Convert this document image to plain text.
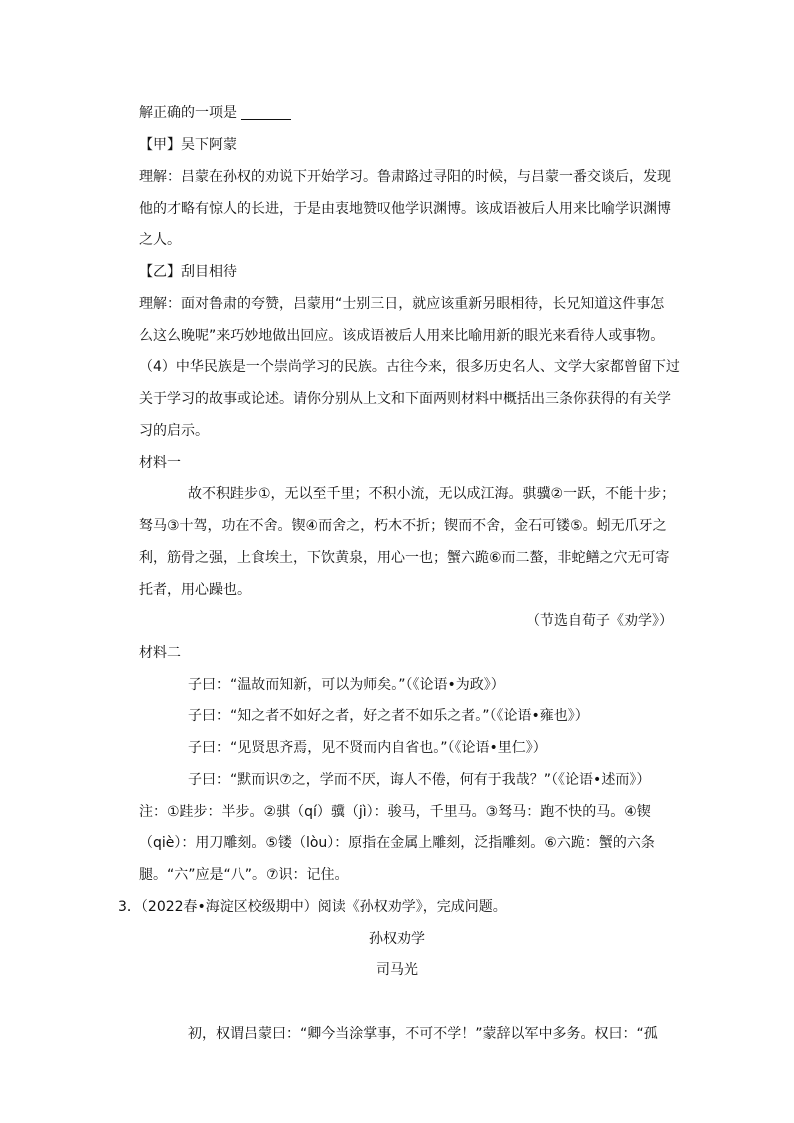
解正确的一项是
【甲】吴下阿蒙
理解：吕蒙在孙权的劝说下开始学习。鲁肃路过寻阳的时候，与吕蒙一番交谈后，发现
他的才略有惊人的长进，于是由衷地赞叹他学识渊博。该成语被后人用来比喻学识渊博
之人。
【乙】刮目相待
理解：面对鲁肃的夸赞，吕蒙用“士别三日，就应该重新另眼相待，长兄知道这件事怎
么这么晚呢”来巧妙地做出回应。该成语被后人用来比喻用新的眼光来看待人或事物。
（4）中华民族是一个崇尚学习的民族。古往今来，很多历史名人、文学大家都曾留下过
关于学习的故事或论述。请你分别从上文和下面两则材料中概括出三条你获得的有关学
习的启示。
材料一
故不积跬步①，无以至千里；不积小流，无以成江海。骐骥②一跃，不能十步；
驽马③十驾，功在不舍。锲④而舍之，朽木不折；锲而不舍，金石可镂⑤。蚓无爪牙之
利，筋骨之强，上食埃土，下饮黄泉，用心一也；蟹六跪⑥而二螯，非蛇鳝之穴无可寄
托者，用心躁也。
（节选自荀子《劝学》）
材料二
子曰：“温故而知新，可以为师矣。”（《论语•为政》）
子曰：“知之者不如好之者，好之者不如乐之者。”（《论语•雍也》）
子曰：“见贤思齐焉，见不贤而内自省也。”（《论语•里仁》）
子曰：“默而识⑦之，学而不厌，诲人不倦，何有于我哉？”（《论语•述而》）
注：①跬步：半步。②骐（qí）骥（jì）：骏马，千里马。③驽马：跑不快的马。④锲
（qiè）：用刀雕刻。⑤镂（lòu）：原指在金属上雕刻，泛指雕刻。⑥六跪：蟹的六条
腿。“六”应是“八”。⑦识：记住。
3．（2022春•海淀区校级期中）阅读《孙权劝学》，完成问题。
孙权劝学
司马光
初，权谓吕蒙曰：“卿今当涂掌事，不可不学！”蒙辞以军中多务。权曰：“孤
